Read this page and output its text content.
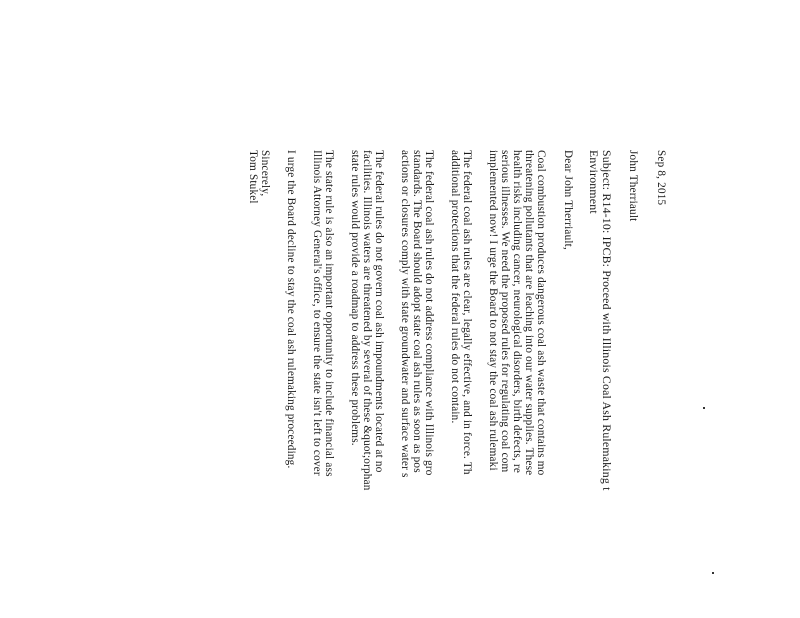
Sep 8, 2015
John Therriault
Subject: R14-10: IPCB: Proceed with Illinois Coal Ash Rulemaking t
Environment
Dear John Therriault,
Coal combustion produces dangerous coal ash waste that contains mo
threatening pollutants that are leaching into our water supplies. These
health risks including cancer, neurological disorders, birth defects, re
serious illnesses. We need the proposed rules for regulating coal com
implemented now! I urge the Board to not stay the coal ash rulemaki
The federal coal ash rules are clear, legally effective, and in force. Th
additional protections that the federal rules do not contain.
The federal coal ash rules do not address compliance with Illinois gro
standards. The Board should adopt state coal ash rules as soon as pos
actions or closures comply with state groundwater and surface water s
The federal rules do not govern coal ash impoundments located at no
facilities. Illinois waters are threatened by several of these &quot;orphan
state rules would provide a roadmap to address these problems.
The state rule is also an important opportunity to include financial ass
Illinois Attorney General's office, to ensure the state isn't left to cover
I urge the Board decline to stay the coal ash rulemaking proceeding.
Sincerely,
Tom Stukel
